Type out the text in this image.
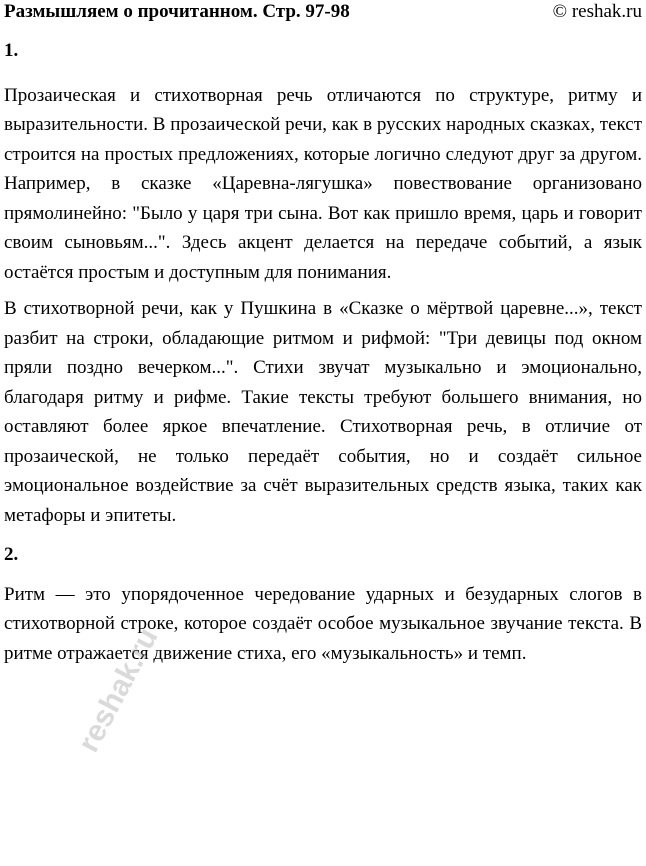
Размышляем о прочитанном. Стр. 97-98	© reshak.ru
1.

Прозаическая и стихотворная речь отличаются по структуре, ритму и выразительности. В прозаической речи, как в русских народных сказках, текст строится на простых предложениях, которые логично следуют друг за другом. Например, в сказке «Царевна-лягушка» повествование организовано прямолинейно: "Было у царя три сына. Вот как пришло время, царь и говорит своим сыновьям...". Здесь акцент делается на передаче событий, а язык остаётся простым и доступным для понимания.

В стихотворной речи, как у Пушкина в «Сказке о мёртвой царевне...», текст разбит на строки, обладающие ритмом и рифмой: "Три девицы под окном пряли поздно вечерком...". Стихи звучат музыкально и эмоционально, благодаря ритму и рифме. Такие тексты требуют большего внимания, но оставляют более яркое впечатление. Стихотворная речь, в отличие от прозаической, не только передаёт события, но и создаёт сильное эмоциональное воздействие за счёт выразительных средств языка, таких как метафоры и эпитеты.

2.

Ритм — это упорядоченное чередование ударных и безударных слогов в стихотворной строке, которое создаёт особое музыкальное звучание текста. В ритме отражается движение стиха, его «музыкальность» и темп.

reshak.ru
